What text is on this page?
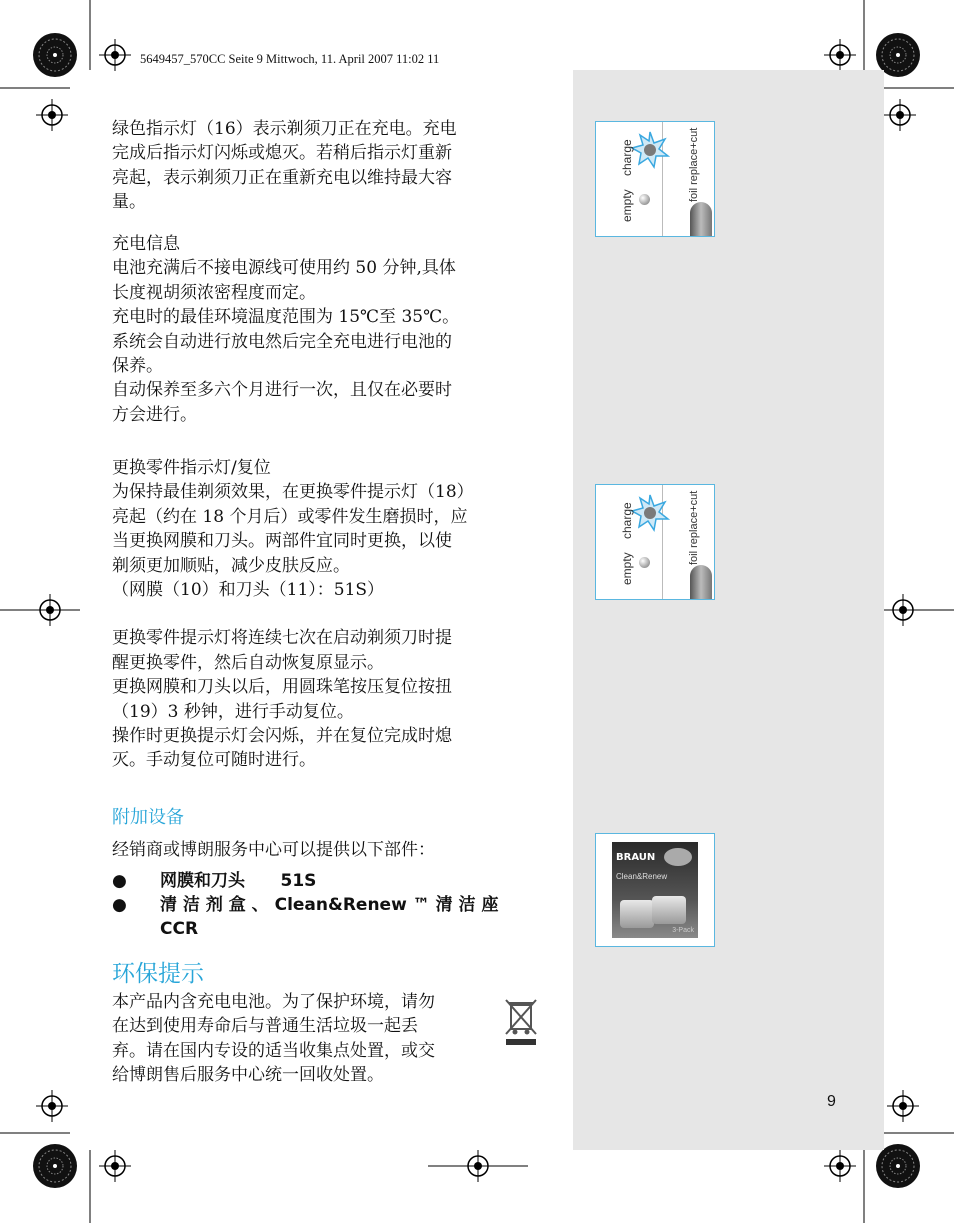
5649457_570CC Seite 9 Mittwoch, 11. April 2007 11:02 11

绿色指示灯（16）表示剃须刀正在充电。充电

完成后指示灯闪烁或熄灭。若稍后指示灯重新

亮起，表示剃须刀正在重新充电以维持最大容

量。

充电信息

电池充满后不接电源线可使用约 50 分钟,具体

长度视胡须浓密程度而定。

充电时的最佳环境温度范围为 15℃至 35℃。

系统会自动进行放电然后完全充电进行电池的

保养。

自动保养至多六个月进行一次，且仅在必要时

方会进行。

更换零件指示灯/复位

为保持最佳剃须效果，在更换零件提示灯（18）

亮起（约在 18 个月后）或零件发生磨损时，应

当更换网膜和刀头。两部件宜同时更换，以使

剃须更加顺贴，减少皮肤反应。

（网膜（10）和刀头（11）：51S）

更换零件提示灯将连续七次在启动剃须刀时提

醒更换零件，然后自动恢复原显示。

更换网膜和刀头以后，用圆珠笔按压复位按扭

（19）3 秒钟，进行手动复位。

操作时更换提示灯会闪烁，并在复位完成时熄

灭。手动复位可随时进行。

附加设备

经销商或博朗服务中心可以提供以下部件：

● 网膜和刀头      51S
● 清 洁 剂 盒 、 Clean&Renew ™ 清 洁 座 CCR

环保提示

本产品内含充电电池。为了保护环境，请勿

在达到使用寿命后与普通生活垃圾一起丢

弃。请在国内专设的适当收集点处置，或交

给博朗售后服务中心统一回收处置。

empty
charge	foil replace+cut
empty
charge	foil replace+cut
BRAUN
Clean&Renew
3-Pack
9
